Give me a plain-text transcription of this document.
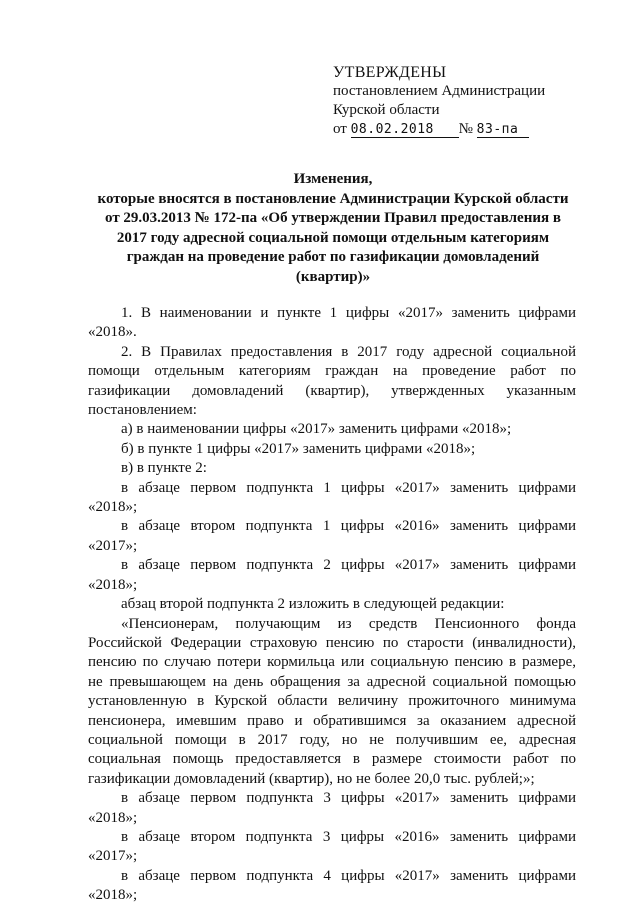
УТВЕРЖДЕНЫ
постановлением Администрации
Курской области
от 08.02.2018 № 83-па
Изменения,
которые вносятся в постановление Администрации Курской области
от 29.03.2013 № 172-па «Об утверждении Правил предоставления в
2017 году адресной социальной помощи отдельным категориям
граждан на проведение работ по газификации домовладений
(квартир)»
1. В наименовании и пункте 1 цифры «2017» заменить цифрами
«2018».
2. В Правилах предоставления в 2017 году адресной социальной
помощи отдельным категориям граждан на проведение работ по
газификации домовладений (квартир), утвержденных указанным
постановлением:
а) в наименовании цифры «2017» заменить цифрами «2018»;
б) в пункте 1 цифры «2017» заменить цифрами «2018»;
в) в пункте 2:
в абзаце первом подпункта 1 цифры «2017» заменить цифрами
«2018»;
в абзаце втором подпункта 1 цифры «2016» заменить цифрами
«2017»;
в абзаце первом подпункта 2 цифры «2017» заменить цифрами
«2018»;
абзац второй подпункта 2 изложить в следующей редакции:
«Пенсионерам, получающим из средств Пенсионного фонда
Российской Федерации страховую пенсию по старости (инвалидности),
пенсию по случаю потери кормильца или социальную пенсию в размере,
не превышающем на день обращения за адресной социальной помощью
установленную в Курской области величину прожиточного минимума
пенсионера, имевшим право и обратившимся за оказанием адресной
социальной помощи в 2017 году, но не получившим ее, адресная
социальная помощь предоставляется в размере стоимости работ по
газификации домовладений (квартир), но не более 20,0 тыс. рублей;»;
в абзаце первом подпункта 3 цифры «2017» заменить цифрами
«2018»;
в абзаце втором подпункта 3 цифры «2016» заменить цифрами
«2017»;
в абзаце первом подпункта 4 цифры «2017» заменить цифрами
«2018»;
